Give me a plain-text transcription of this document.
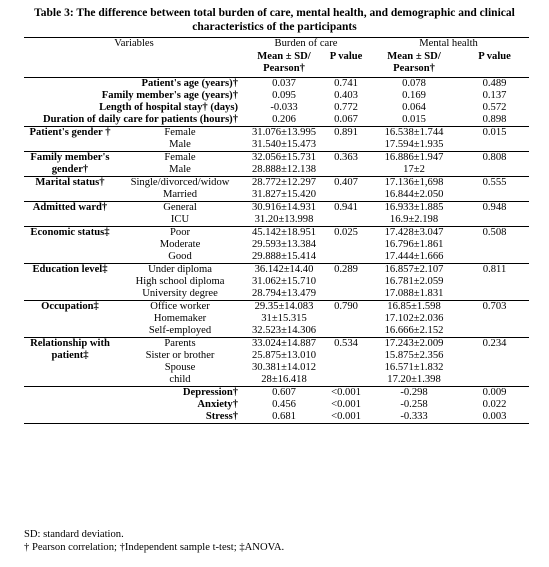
Table 3: The difference between total burden of care, mental health, and demographic and clinical characteristics of the participants
Variables		Burden of care		Mental health	
		Mean ± SD/ Pearson†	P value	Mean ± SD/ Pearson†	P value
Patient's age (years)†		0.037	0.741	0.078	0.489
Family member's age (years)†		0.095	0.403	0.169	0.137
Length of hospital stay† (days)		-0.033	0.772	0.064	0.572
Duration of daily care for patients (hours)†		0.206	0.067	0.015	0.898
Patient's gender †	Female	31.076±13.995	0.891	16.538±1.744	0.015
	Male	31.540±15.473		17.594±1.935	
Family member's gender†	Female	32.056±15.731	0.363	16.886±1.947	0.808
	Male	28.888±12.138		17±2	
Marital status†	Single/divorced/widow	28.772±12.297	0.407	17.136±1,698	0.555
	Married	31.827±15.420		16.844±2.050	
Admitted ward†	General	30.916±14.931	0.941	16.933±1.885	0.948
	ICU	31.20±13.998		16.9±2.198	
Economic status‡	Poor	45.142±18.951	0.025	17.428±3.047	0.508
	Moderate	29.593±13.384		16.796±1.861	
	Good	29.888±15.414		17.444±1.666	
Education level‡	Under diploma	36.142±14.40	0.289	16.857±2.107	0.811
	High school diploma	31.062±15.710		16.781±2.059	
	University degree	28.794±13.479		17.088±1.831	
Occupation‡	Office worker	29.35±14.083	0.790	16.85±1.598	0.703
	Homemaker	31±15.315		17.102±2.036	
	Self-employed	32.523±14.306		16.666±2.152	
Relationship with patient‡	Parents	33.024±14.887	0.534	17.243±2.009	0.234
	Sister or brother	25.875±13.010		15.875±2.356	
	Spouse	30.381±14.012		16.571±1.832	
	child	28±16.418		17.20±1.398	
Depression†		0.607	<0.001	-0.298	0.009
Anxiety†		0.456	<0.001	-0.258	0.022
Stress†		0.681	<0.001	-0.333	0.003
SD: standard deviation.
† Pearson correlation; †Independent sample t-test; ‡ANOVA.
